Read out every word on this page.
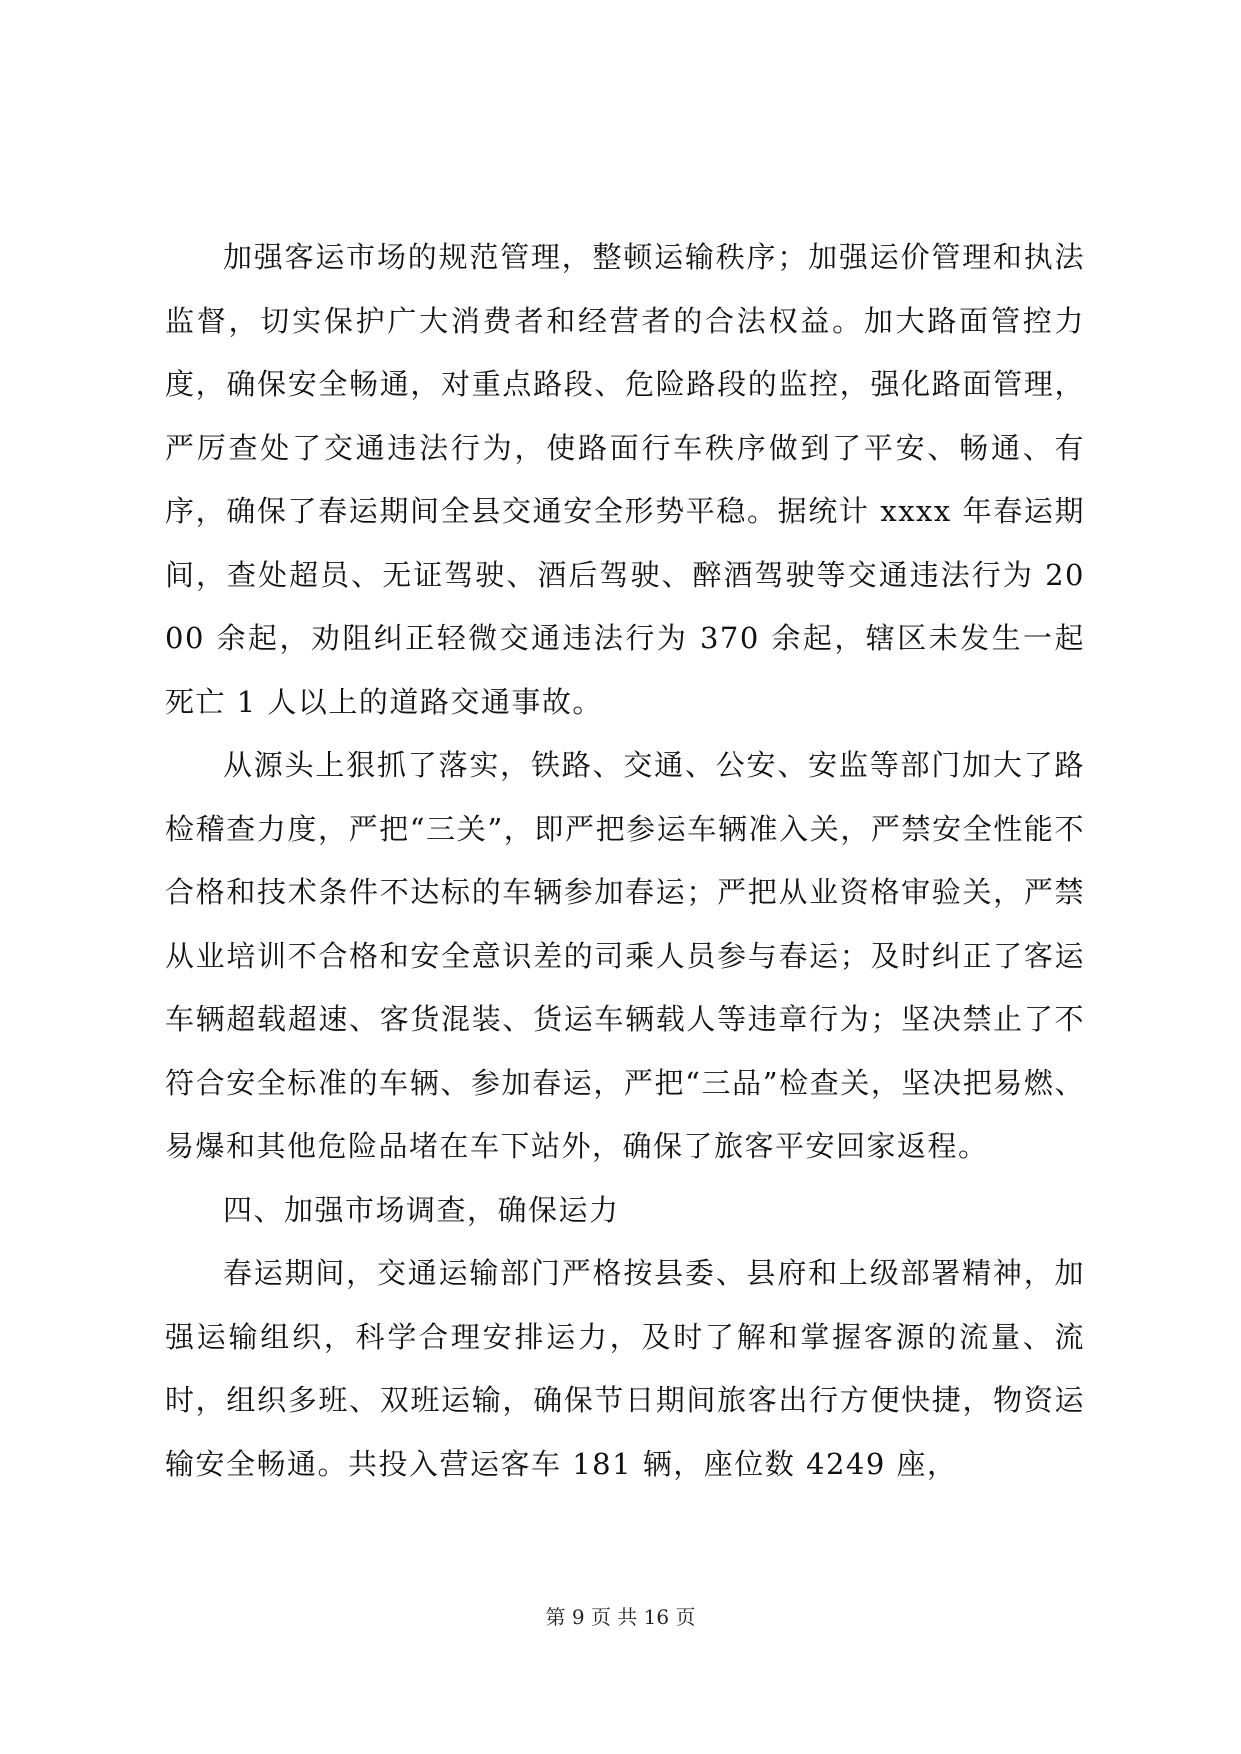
加强客运市场的规范管理，整顿运输秩序；加强运价管理和执法监督，切实保护广大消费者和经营者的合法权益。加大路面管控力度，确保安全畅通，对重点路段、危险路段的监控，强化路面管理，严厉查处了交通违法行为，使路面行车秩序做到了平安、畅通、有序，确保了春运期间全县交通安全形势平稳。据统计 xxxx 年春运期间，查处超员、无证驾驶、酒后驾驶、醉酒驾驶等交通违法行为 2000 余起，劝阻纠正轻微交通违法行为 370 余起，辖区未发生一起死亡 1 人以上的道路交通事故。

从源头上狠抓了落实，铁路、交通、公安、安监等部门加大了路检稽查力度，严把“三关”，即严把参运车辆准入关，严禁安全性能不合格和技术条件不达标的车辆参加春运；严把从业资格审验关，严禁从业培训不合格和安全意识差的司乘人员参与春运；及时纠正了客运车辆超载超速、客货混装、货运车辆载人等违章行为；坚决禁止了不符合安全标准的车辆、参加春运，严把“三品”检查关，坚决把易燃、易爆和其他危险品堵在车下站外，确保了旅客平安回家返程。

四、加强市场调查，确保运力

春运期间，交通运输部门严格按县委、县府和上级部署精神，加强运输组织，科学合理安排运力，及时了解和掌握客源的流量、流时，组织多班、双班运输，确保节日期间旅客出行方便快捷，物资运输安全畅通。共投入营运客车 181 辆，座位数 4249 座，

第 9 页 共 16 页
